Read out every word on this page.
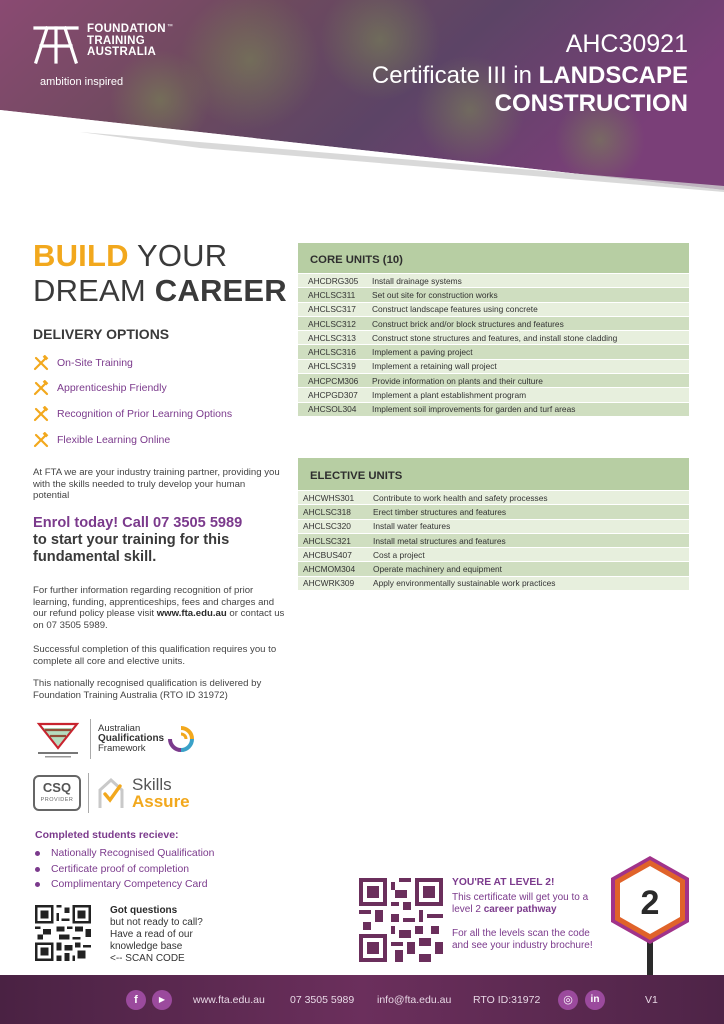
FOUNDATION
TRAINING
AUSTRALIA
™
ambition inspired
AHC30921
Certificate III in LANDSCAPE
CONSTRUCTION
BUILD YOUR
DREAM CAREER
DELIVERY OPTIONS
On-Site Training
Apprenticeship Friendly
Recognition of Prior Learning Options
Flexible Learning Online

At FTA we are your industry training partner, providing you with the skills needed to truly develop your human potential

Enrol today! Call 07 3505 5989
to start your training for this fundamental skill.

For further information regarding recognition of prior learning, funding, apprenticeships, fees and charges and our refund policy please visit www.fta.edu.au or contact us on 07 3505 5989.

Successful completion of this qualification requires you to complete all core and elective units.

This nationally recognised qualification is delivered by Foundation Training Australia (RTO ID 31972)

Australian
Qualifications
Framework
CSQ
PROVIDER
Skills
Assure
Completed students recieve:
Nationally Recognised Qualification
Certificate proof of completion
Complimentary Competency Card
Got questions
but not ready to call?
Have a read of our
knowledge base
<-- SCAN CODE
CORE UNITS (10)
AHCDRG305	Install drainage systems
AHCLSC311	Set out site for construction works
AHCLSC317	Construct landscape features using concrete
AHCLSC312	Construct brick and/or block structures and features
AHCLSC313	Construct stone structures and features, and install stone cladding
AHCLSC316	Implement a paving project
AHCLSC319	Implement a retaining wall project
AHCPCM306	Provide information on plants and their culture
AHCPGD307	Implement a plant establishment program
AHCSOL304	Implement soil improvements for garden and turf areas
ELECTIVE UNITS
AHCWHS301	Contribute to work health and safety processes
AHCLSC318	Erect timber structures and features
AHCLSC320	Install water features
AHCLSC321	Install metal structures and features
AHCBUS407	Cost a project
AHCMOM304	Operate machinery and equipment
AHCWRK309	Apply environmentally sustainable work practices
YOU'RE AT LEVEL 2!
This certificate will get you to a level 2 career pathway
For all the levels scan the code and see your industry brochure!
2
f	▶	www.fta.edu.au 07 3505 5989 info@fta.edu.au RTO ID:31972	◎	in	V1
